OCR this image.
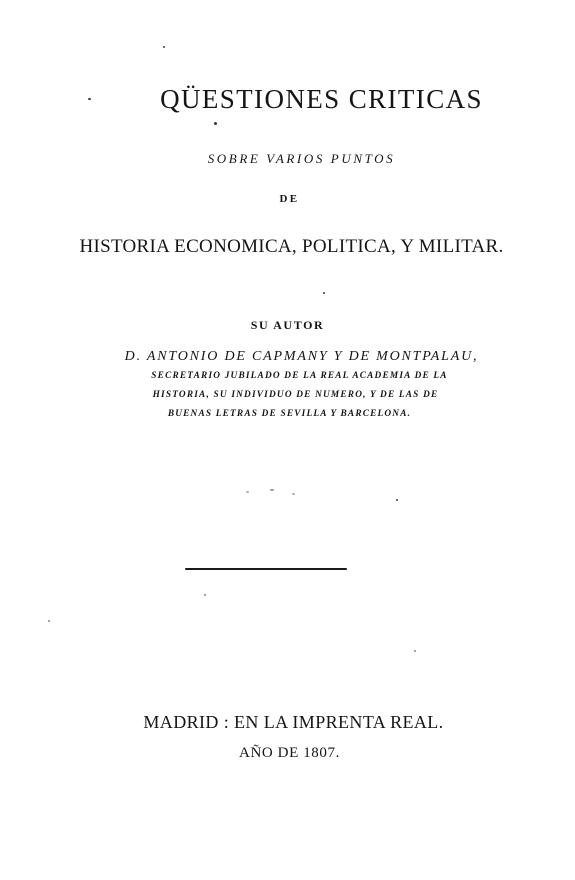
QÜESTIONES CRITICAS
SOBRE VARIOS PUNTOS
DE
HISTORIA ECONOMICA, POLITICA, Y MILITAR.
SU AUTOR
D. ANTONIO DE CAPMANY Y DE MONTPALAU,
SECRETARIO JUBILADO DE LA REAL ACADEMIA DE LA
HISTORIA, SU INDIVIDUO DE NUMERO, Y DE LAS DE
BUENAS LETRAS DE SEVILLA Y BARCELONA.
MADRID : EN LA IMPRENTA REAL.
AÑO DE 1807.
